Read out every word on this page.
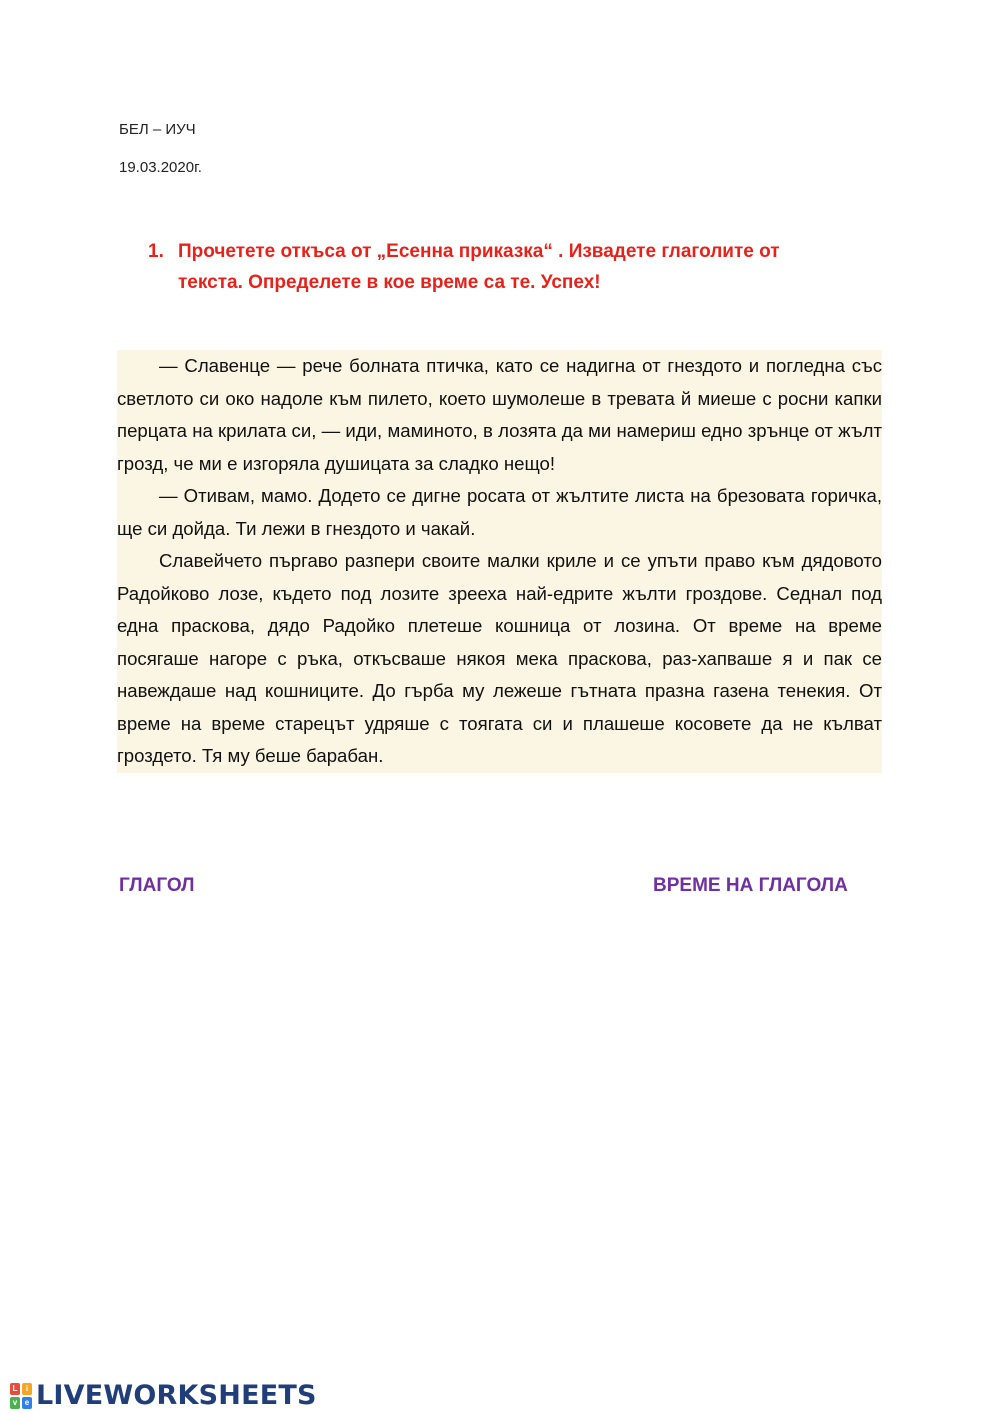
БЕЛ – ИУЧ
19.03.2020г.
1. Прочетете откъса от „Есенна приказка“ . Извадете глаголите от текста. Определете в кое време са те. Успех!

— Славенце — рече болната птичка, като се надигна от гнездото и погледна със светлото си око надоле към пилето, което шумолеше в тревата й миеше с росни капки перцата на крилата си, — иди, маминото, в лозята да ми намериш едно зрънце от жълт грозд, че ми е изгоряла душицата за сладко нещо!

— Отивам, мамо. Додето се дигне росата от жълтите листа на брезовата горичка, ще си дойда. Ти лежи в гнездото и чакай.

Славейчето пъргаво разпери своите малки криле и се упъти право към дядовото Радойково лозе, където под лозите зрееха най-едрите жълти гроздове. Седнал под една праскова, дядо Радойко плетеше кошница от лозина. От време на време посягаше нагоре с ръка, откъсваше някоя мека праскова, раз-хапваше я и пак се навеждаше над кошниците. До гърба му лежеше гътната празна газена тенекия. От време на време старецът удряше с тоягата си и плашеше косовете да не кълват гроздето. Тя му беше барабан.

ГЛАГОЛ	ВРЕМЕ НА ГЛАГОЛА
L	i
v e LIVEWORKSHEETS
